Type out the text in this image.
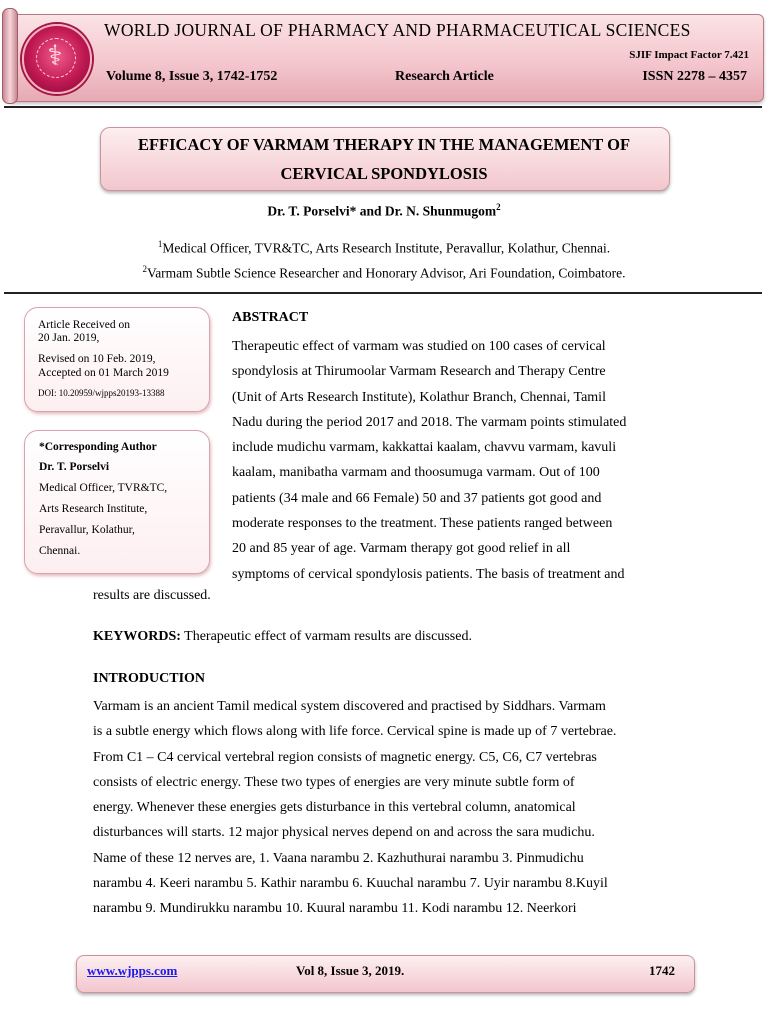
⚕
WORLD JOURNAL OF PHARMACY AND PHARMACEUTICAL SCIENCES
SJIF Impact Factor 7.421
Volume 8, Issue 3, 1742-1752	Research Article	ISSN 2278 – 4357
EFFICACY OF VARMAM THERAPY IN THE MANAGEMENT OF
CERVICAL SPONDYLOSIS
Dr. T. Porselvi* and Dr. N. Shunmugom$^2$
$^1$Medical Officer, TVR&TC, Arts Research Institute, Peravallur, Kolathur, Chennai.
$^2$Varmam Subtle Science Researcher and Honorary Advisor, Ari Foundation, Coimbatore.
Article Received on
20 Jan. 2019,
Revised on 10 Feb. 2019,
Accepted on 01 March 2019
DOI: 10.20959/wjpps20193-13388
*Corresponding Author
Dr. T. Porselvi
Medical Officer, TVR&TC,
Arts Research Institute,
Peravallur, Kolathur,
Chennai.
ABSTRACT
Therapeutic effect of varmam was studied on 100 cases of cervical
spondylosis at Thirumoolar Varmam Research and Therapy Centre
(Unit of Arts Research Institute), Kolathur Branch, Chennai, Tamil
Nadu during the period 2017 and 2018. The varmam points stimulated
include mudichu varmam, kakkattai kaalam, chavvu varmam, kavuli
kaalam, manibatha varmam and thoosumuga varmam. Out of 100
patients (34 male and 66 Female) 50 and 37 patients got good and
moderate responses to the treatment. These patients ranged between
20 and 85 year of age. Varmam therapy got good relief in all
symptoms of cervical spondylosis patients. The basis of treatment and
results are discussed.
KEYWORDS: Therapeutic effect of varmam results are discussed.
INTRODUCTION
Varmam is an ancient Tamil medical system discovered and practised by Siddhars. Varmam
is a subtle energy which flows along with life force. Cervical spine is made up of 7 vertebrae.
From C1 – C4 cervical vertebral region consists of magnetic energy. C5, C6, C7 vertebras
consists of electric energy. These two types of energies are very minute subtle form of
energy. Whenever these energies gets disturbance in this vertebral column, anatomical
disturbances will starts. 12 major physical nerves depend on and across the sara mudichu.
Name of these 12 nerves are, 1. Vaana narambu 2. Kazhuthurai narambu 3. Pinmudichu
narambu 4. Keeri narambu 5. Kathir narambu 6. Kuuchal narambu 7. Uyir narambu 8.Kuyil
narambu 9. Mundirukku narambu 10. Kuural narambu 11. Kodi narambu 12. Neerkori
www.wjpps.com	Vol 8, Issue 3, 2019.	1742
